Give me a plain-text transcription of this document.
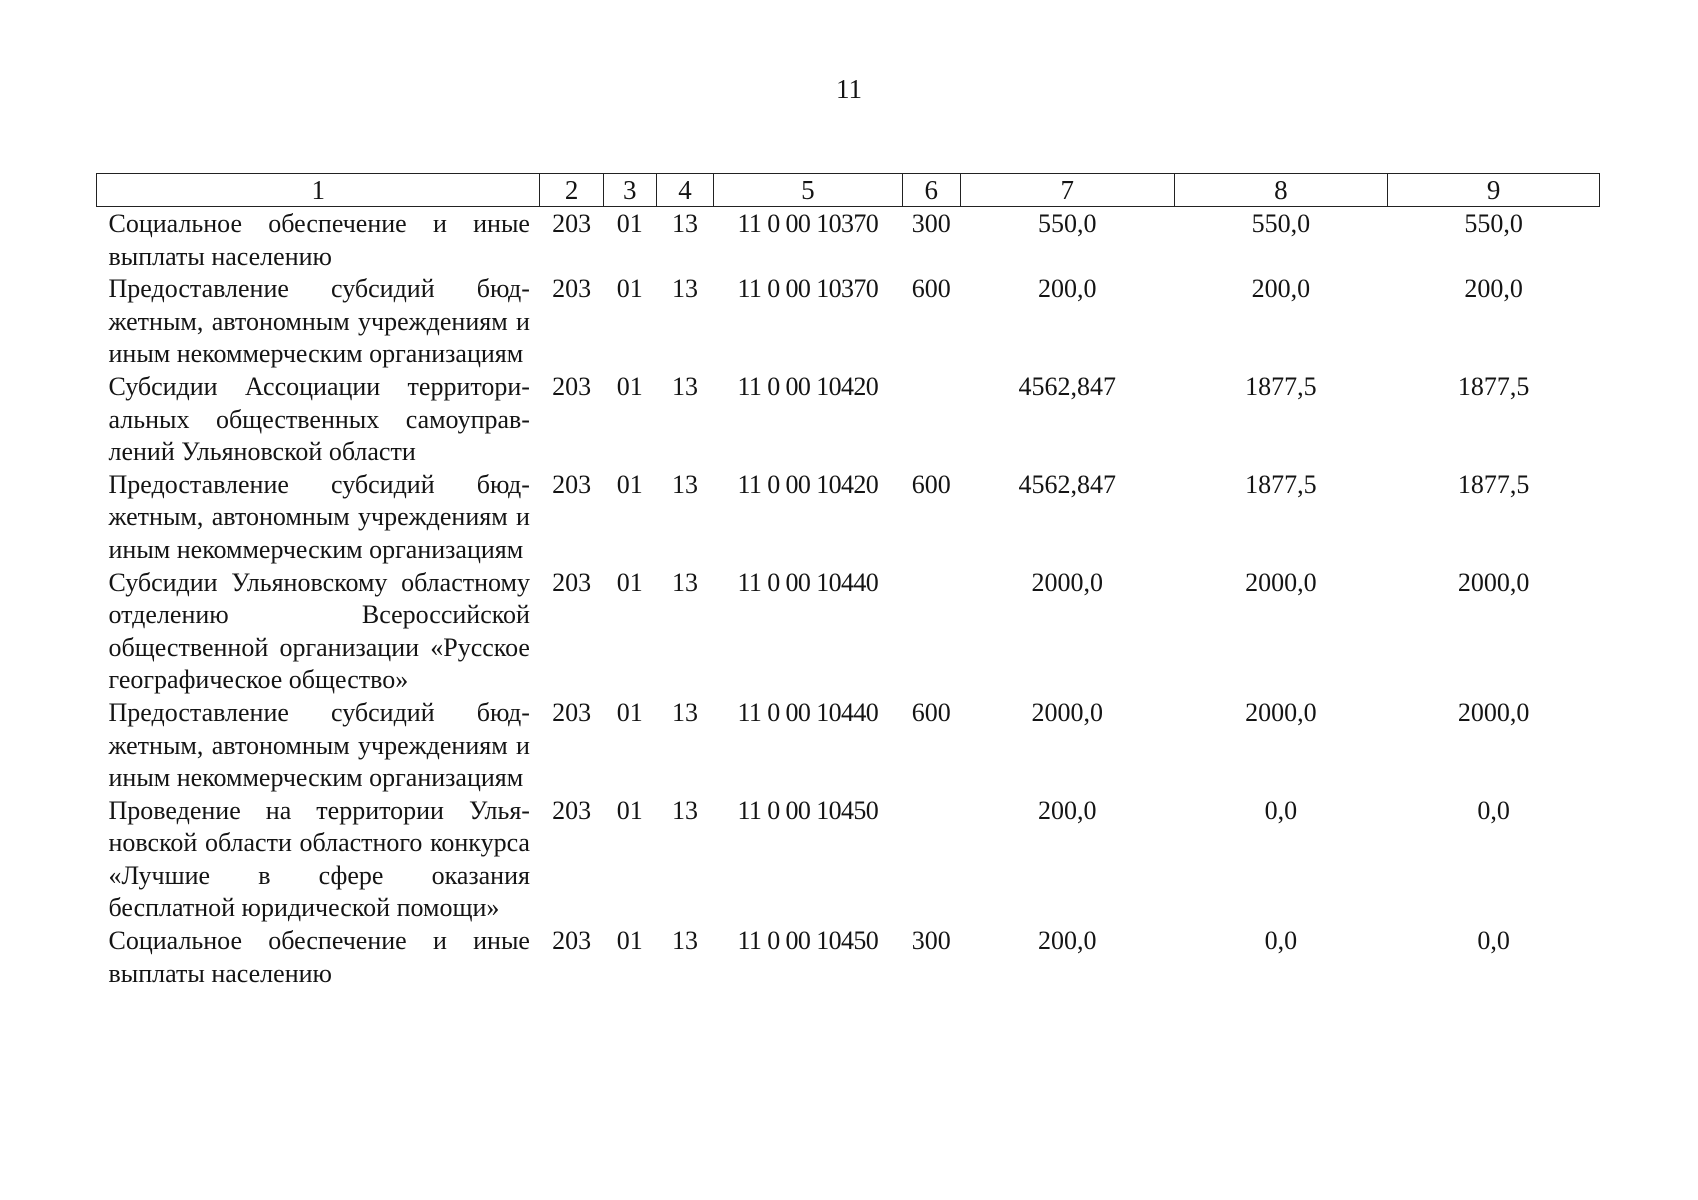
11
1	2	3	4	5	6	7	8	9
Социальное обеспечение и иные выплаты населению	203	01	13	11 0 00 10370	300	550,0	550,0	550,0
Предоставление субсидий бюджетным, автономным учреждениям и иным некоммерческим организациям	203	01	13	11 0 00 10370	600	200,0	200,0	200,0
Субсидии Ассоциации территориальных общественных самоуправлений Ульяновской области	203	01	13	11 0 00 10420		4562,847	1877,5	1877,5
Предоставление субсидий бюджетным, автономным учреждениям и иным некоммерческим организациям	203	01	13	11 0 00 10420	600	4562,847	1877,5	1877,5
Субсидии Ульяновскому областному отделению Всероссийской общественной организации «Русское географическое общество»	203	01	13	11 0 00 10440		2000,0	2000,0	2000,0
Предоставление субсидий бюджетным, автономным учреждениям и иным некоммерческим организациям	203	01	13	11 0 00 10440	600	2000,0	2000,0	2000,0
Проведение на территории Ульяновской области областного конкурса «Лучшие в сфере оказания бесплатной юридической помощи»	203	01	13	11 0 00 10450		200,0	0,0	0,0
Социальное обеспечение и иные выплаты населению	203	01	13	11 0 00 10450	300	200,0	0,0	0,0
